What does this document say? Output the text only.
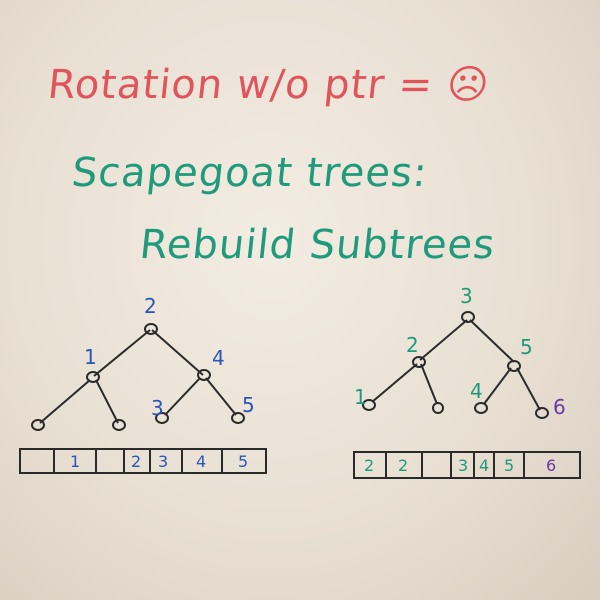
Rotation w/o ptr = ☹
Scapegoat trees:
Rebuild Subtrees
2
1	4
3	5
1	2 3 4 5
3
2	5
1	4
6
2 2	3 4 5 6
